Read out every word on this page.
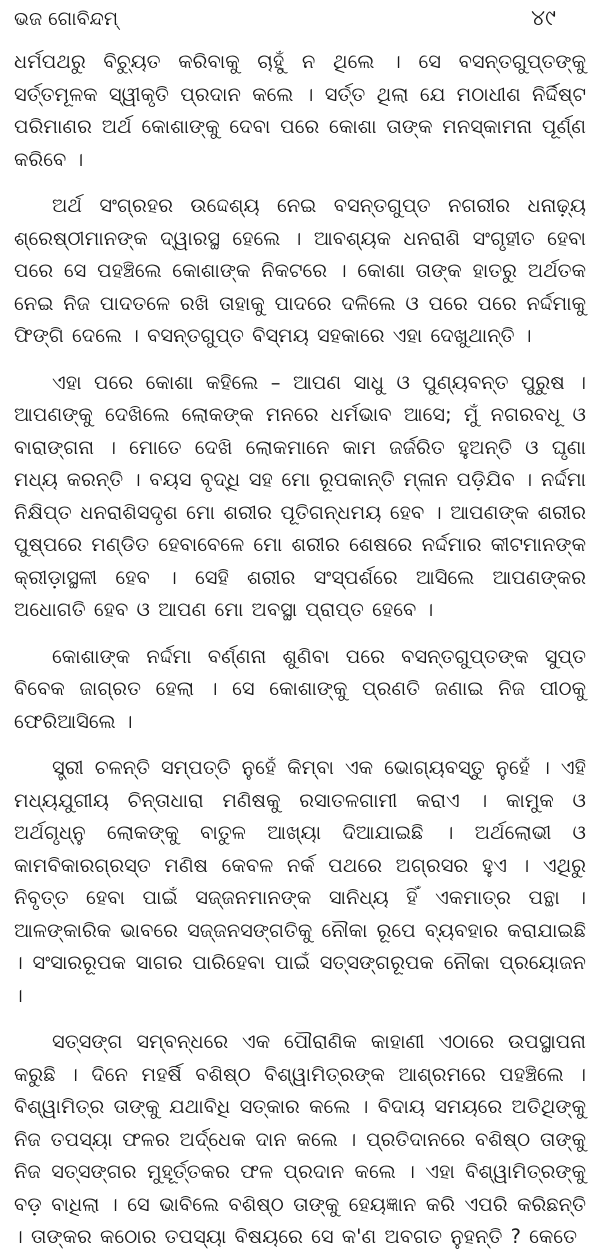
ଭଜ ଗୋବିନ୍ଦମ୍	୪୯

ଧର୍ମପଥରୁ ବିଚ୍ୟୁତ କରିବାକୁ ଚାହୁଁ ନ ଥିଲେ । ସେ ବସନ୍ତଗୁପ୍ତଙ୍କୁ ସର୍ତ୍ତମୂଳକ ସ୍ୱୀକୃତି ପ୍ରଦାନ କଲେ । ସର୍ତ୍ତ ଥିଲା ଯେ ମଠାଧୀଶ ନିର୍ଦ୍ଦିଷ୍ଟ ପରିମାଣର ଅର୍ଥ କୋଶାଙ୍କୁ ଦେବା ପରେ କୋଶା ତାଙ୍କ ମନସ୍କାମନା ପୂର୍ଣ୍ଣ କରିବେ ।

ଅର୍ଥ ସଂଗ୍ରହର ଉଦ୍ଦେଶ୍ୟ ନେଇ ବସନ୍ତଗୁପ୍ତ ନଗରୀର ଧନାଢ଼୍ୟ ଶ୍ରେଷ୍ଠୀମାନଙ୍କ ଦ୍ୱାରସ୍ଥ ହେଲେ । ଆବଶ୍ୟକ ଧନରାଶି ସଂଗୃହୀତ ହେବା ପରେ ସେ ପହଞ୍ଚିଲେ କୋଶାଙ୍କ ନିକଟରେ । କୋଶା ତାଙ୍କ ହାତରୁ ଅର୍ଥତକ ନେଇ ନିଜ ପାଦତଳେ ରଖି ତାହାକୁ ପାଦରେ ଦଳିଲେ ଓ ପରେ ପରେ ନର୍ଦ୍ଦମାକୁ ଫିଙ୍ଗି ଦେଲେ । ବସନ୍ତଗୁପ୍ତ ବିସ୍ମୟ ସହକାରେ ଏହା ଦେଖୁଥାନ୍ତି ।

ଏହା ପରେ କୋଶା କହିଲେ – ଆପଣ ସାଧୁ ଓ ପୁଣ୍ୟବନ୍ତ ପୁରୁଷ । ଆପଣଙ୍କୁ ଦେଖିଲେ ଲୋକଙ୍କ ମନରେ ଧର୍ମଭାବ ଆସେ; ମୁଁ ନଗରବଧୂ ଓ ବାରାଙ୍ଗନା । ମୋତେ ଦେଖି ଲୋକମାନେ କାମ ଜର୍ଜରିତ ହୁଅନ୍ତି ଓ ଘୃଣା ମଧ୍ୟ କରନ୍ତି । ବୟସ ବୃଦ୍ଧି ସହ ମୋ ରୂପକାନ୍ତି ମ୍ଳାନ ପଡ଼ିଯିବ । ନର୍ଦ୍ଦମା ନିକ୍ଷିପ୍ତ ଧନରାଶିସଦୃଶ ମୋ ଶରୀର ପୂତିଗନ୍ଧମୟ ହେବ । ଆପଣଙ୍କ ଶରୀର ପୁଷ୍ପରେ ମଣ୍ଡିତ ହେବାବେଳେ ମୋ ଶରୀର ଶେଷରେ ନର୍ଦ୍ଦମାର କୀଟମାନଙ୍କ କ୍ରୀଡ଼ାସ୍ଥଳୀ ହେବ । ସେହି ଶରୀର ସଂସ୍ପର୍ଶରେ ଆସିଲେ ଆପଣଙ୍କର ଅଧୋଗତି ହେବ ଓ ଆପଣ ମୋ ଅବସ୍ଥା ପ୍ରାପ୍ତ ହେବେ ।

କୋଶାଙ୍କ ନର୍ଦ୍ଦମା ବର୍ଣ୍ଣନା ଶୁଣିବା ପରେ ବସନ୍ତଗୁପ୍ତଙ୍କ ସୁପ୍ତ ବିବେକ ଜାଗ୍ରତ ହେଲା । ସେ କୋଶାଙ୍କୁ ପ୍ରଣତି ଜଣାଇ ନିଜ ପୀଠକୁ ଫେରିଆସିଲେ ।

ସ୍ତ୍ରୀ ଚଳନ୍ତି ସମ୍ପତ୍ତି ନୁହେଁ କିମ୍ବା ଏକ ଭୋଗ୍ୟବସ୍ତୁ ନୁହେଁ । ଏହି ମଧ୍ୟଯୁଗୀୟ ଚିନ୍ତାଧାରା ମଣିଷକୁ ରସାତଳଗାମୀ କରାଏ । କାମୁକ ଓ ଅର୍ଥଗୃଧ୍ନୁ ଲୋକଙ୍କୁ ବାତୁଳ ଆଖ୍ୟା ଦିଆଯାଇଛି । ଅର୍ଥଲୋଭୀ ଓ କାମବିକାରଗ୍ରସ୍ତ ମଣିଷ କେବଳ ନର୍କ ପଥରେ ଅଗ୍ରସର ହୁଏ । ଏଥିରୁ ନିବୃତ୍ତ ହେବା ପାଇଁ ସଜ୍ଜନମାନଙ୍କ ସାନିଧ୍ୟ ହିଁ ଏକମାତ୍ର ପନ୍ଥା । ଆଳଙ୍କାରିକ ଭାବରେ ସଜ୍ଜନସଙ୍ଗତିକୁ ନୌକା ରୂପେ ବ୍ୟବହାର କରାଯାଇଛି । ସଂସାରରୂପକ ସାଗର ପାରିହେବା ପାଇଁ ସତ୍‌ସଙ୍ଗରୂପକ ନୌକା ପ୍ରୟୋଜନ ।

ସତ୍‌ସଙ୍ଗ ସମ୍ବନ୍ଧରେ ଏକ ପୌରାଣିକ କାହାଣୀ ଏଠାରେ ଉପସ୍ଥାପନା କରୁଛି । ଦିନେ ମହର୍ଷି ବଶିଷ୍ଠ ବିଶ୍ୱାମିତ୍ରଙ୍କ ଆଶ୍ରମରେ ପହଞ୍ଚିଲେ । ବିଶ୍ୱାମିତ୍ର ତାଙ୍କୁ ଯଥାବିଧି ସତ୍କାର କଲେ । ବିଦାୟ ସମୟରେ ଅତିଥିଙ୍କୁ ନିଜ ତପସ୍ୟା ଫଳର ଅର୍ଦ୍ଧେକ ଦାନ କଲେ । ପ୍ରତିଦାନରେ ବଶିଷ୍ଠ ତାଙ୍କୁ ନିଜ ସତ୍‌ସଙ୍ଗର ମୁହୂର୍ତ୍ତକର ଫଳ ପ୍ରଦାନ କଲେ । ଏହା ବିଶ୍ୱାମିତ୍ରଙ୍କୁ ବଡ଼ ବାଧିଲା । ସେ ଭାବିଲେ ବଶିଷ୍ଠ ତାଙ୍କୁ ହେୟଜ୍ଞାନ କରି ଏପରି କରିଛନ୍ତି । ତାଙ୍କର କଠୋର ତପସ୍ୟା ବିଷୟରେ ସେ କ'ଣ ଅବଗତ ନୁହନ୍ତି ? କେତେ
